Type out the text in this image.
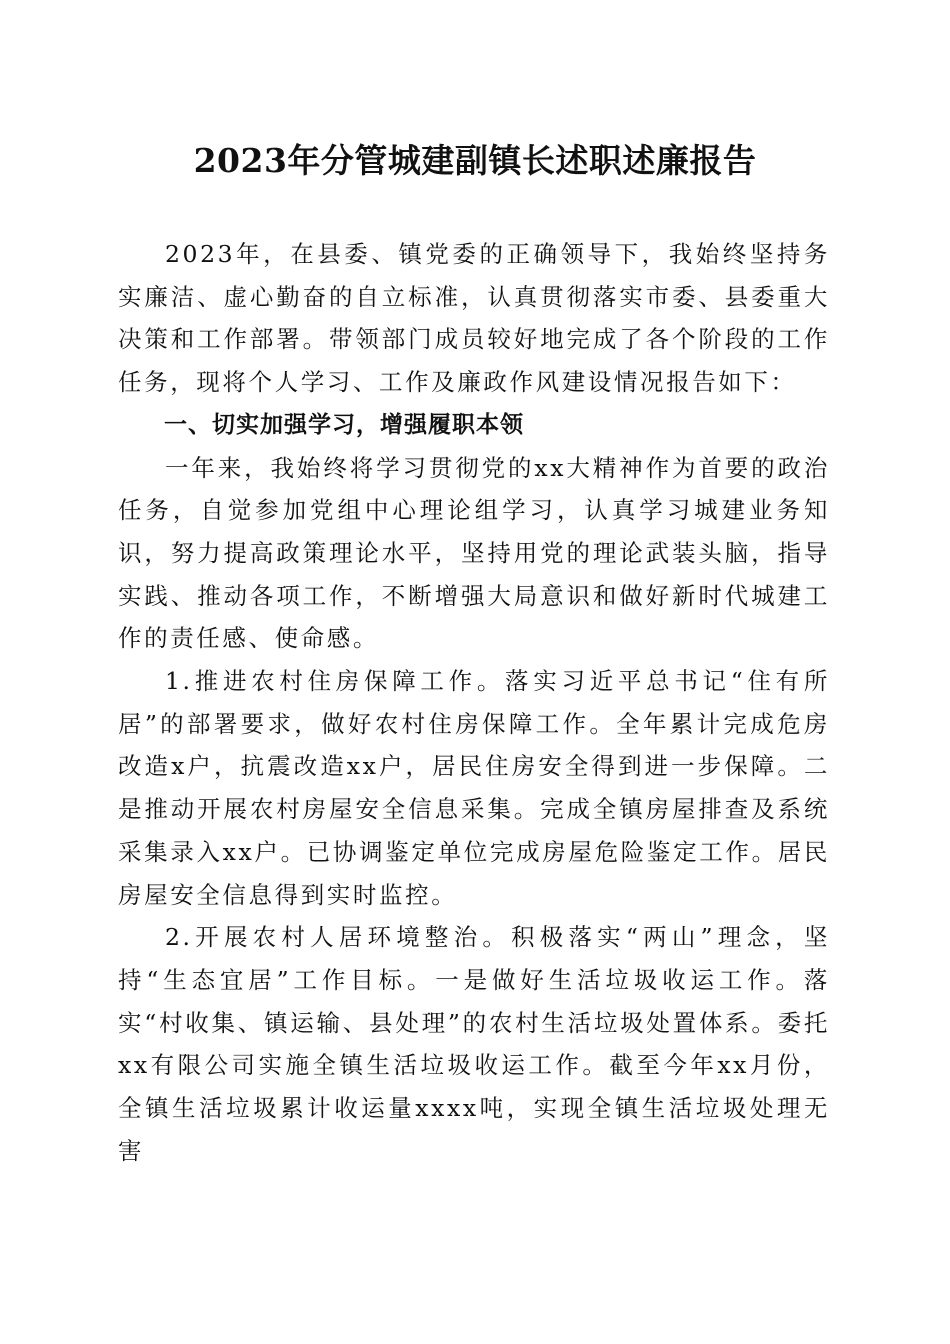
2023年分管城建副镇长述职述廉报告

2023年，在县委、镇党委的正确领导下，我始终坚持务实廉洁、虚心勤奋的自立标准，认真贯彻落实市委、县委重大决策和工作部署。带领部门成员较好地完成了各个阶段的工作任务，现将个人学习、工作及廉政作风建设情况报告如下：

一、切实加强学习，增强履职本领

一年来，我始终将学习贯彻党的xx大精神作为首要的政治任务，自觉参加党组中心理论组学习，认真学习城建业务知识，努力提高政策理论水平，坚持用党的理论武装头脑，指导实践、推动各项工作，不断增强大局意识和做好新时代城建工作的责任感、使命感。

1.推进农村住房保障工作。落实习近平总书记“住有所居”的部署要求，做好农村住房保障工作。全年累计完成危房改造x户，抗震改造xx户，居民住房安全得到进一步保障。二是推动开展农村房屋安全信息采集。完成全镇房屋排查及系统采集录入xx户。已协调鉴定单位完成房屋危险鉴定工作。居民房屋安全信息得到实时监控。

2.开展农村人居环境整治。积极落实“两山”理念，坚持“生态宜居”工作目标。一是做好生活垃圾收运工作。落实“村收集、镇运输、县处理”的农村生活垃圾处置体系。委托xx有限公司实施全镇生活垃圾收运工作。截至今年xx月份，全镇生活垃圾累计收运量xxxx吨，实现全镇生活垃圾处理无害
